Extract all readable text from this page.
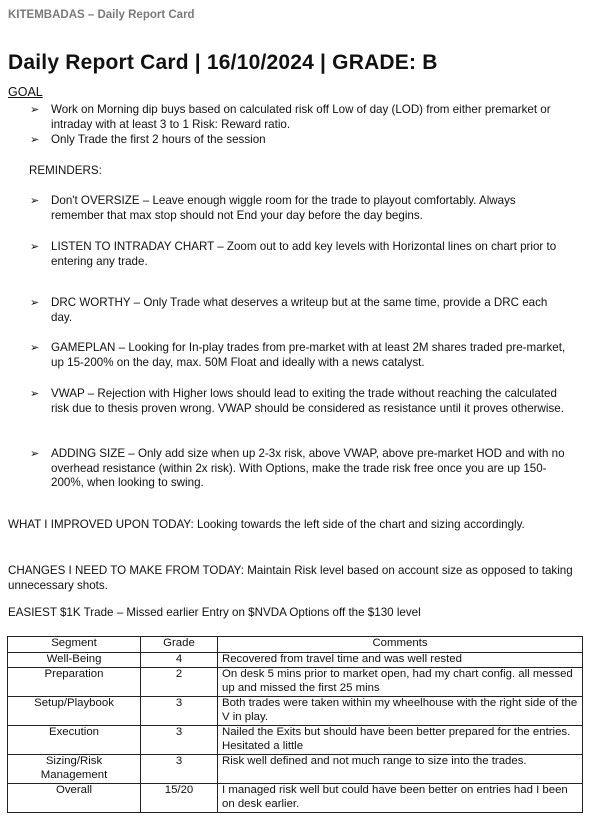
KITEMBADAS – Daily Report Card
Daily Report Card | 16/10/2024 | GRADE: B
GOAL
➢ Work on Morning dip buys based on calculated risk off Low of day (LOD) from either premarket or intraday with at least 3 to 1 Risk: Reward ratio.
➢ Only Trade the first 2 hours of the session
REMINDERS:
➢ Don't OVERSIZE – Leave enough wiggle room for the trade to playout comfortably. Always remember that max stop should not End your day before the day begins.
➢ LISTEN TO INTRADAY CHART – Zoom out to add key levels with Horizontal lines on chart prior to entering any trade.
➢ DRC WORTHY – Only Trade what deserves a writeup but at the same time, provide a DRC each day.
➢ GAMEPLAN – Looking for In-play trades from pre-market with at least 2M shares traded pre-market, up 15-200% on the day, max. 50M Float and ideally with a news catalyst.
➢ VWAP – Rejection with Higher lows should lead to exiting the trade without reaching the calculated risk due to thesis proven wrong. VWAP should be considered as resistance until it proves otherwise.
➢ ADDING SIZE – Only add size when up 2-3x risk, above VWAP, above pre-market HOD and with no overhead resistance (within 2x risk). With Options, make the trade risk free once you are up 150-200%, when looking to swing.
WHAT I IMPROVED UPON TODAY: Looking towards the left side of the chart and sizing accordingly.
CHANGES I NEED TO MAKE FROM TODAY: Maintain Risk level based on account size as opposed to taking unnecessary shots.
EASIEST $1K Trade – Missed earlier Entry on $NVDA Options off the $130 level
Segment	Grade	Comments
Well-Being	4	Recovered from travel time and was well rested
Preparation	2	On desk 5 mins prior to market open, had my chart config. all messed up and missed the first 25 mins
Setup/Playbook	3	Both trades were taken within my wheelhouse with the right side of the V in play.
Execution	3	Nailed the Exits but should have been better prepared for the entries. Hesitated a little
Sizing/Risk Management	3	Risk well defined and not much range to size into the trades.
Overall	15/20	I managed risk well but could have been better on entries had I been on desk earlier.
